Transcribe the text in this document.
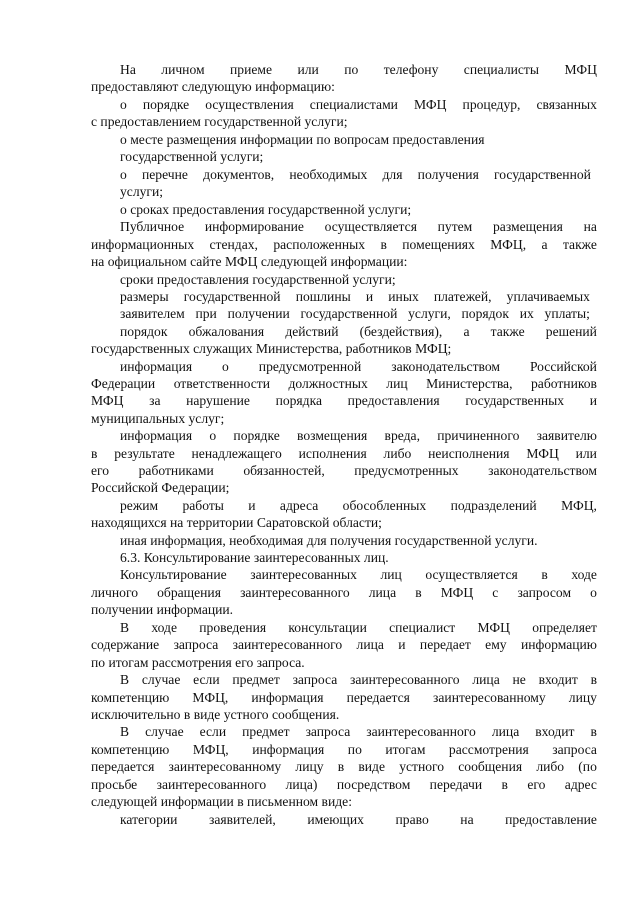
На личном приеме или по телефону специалисты МФЦ
предоставляют следующую информацию:
о порядке осуществления специалистами МФЦ процедур, связанных
с предоставлением государственной услуги;
о месте размещения информации по вопросам предоставления
государственной услуги;
о перечне документов, необходимых для получения государственной
услуги;
о сроках предоставления государственной услуги;
Публичное информирование осуществляется путем размещения на
информационных стендах, расположенных в помещениях МФЦ, а также
на официальном сайте МФЦ следующей информации:
сроки предоставления государственной услуги;
размеры государственной пошлины и иных платежей, уплачиваемых
заявителем при получении государственной услуги, порядок их уплаты;
порядок обжалования действий (бездействия), а также решений
государственных служащих Министерства, работников МФЦ;
информация о предусмотренной законодательством Российской
Федерации ответственности должностных лиц Министерства, работников
МФЦ за нарушение порядка предоставления государственных и
муниципальных услуг;
информация о порядке возмещения вреда, причиненного заявителю
в результате ненадлежащего исполнения либо неисполнения МФЦ или
его работниками обязанностей, предусмотренных законодательством
Российской Федерации;
режим работы и адреса обособленных подразделений МФЦ,
находящихся на территории Саратовской области;
иная информация, необходимая для получения государственной услуги.
6.3. Консультирование заинтересованных лиц.
Консультирование заинтересованных лиц осуществляется в ходе
личного обращения заинтересованного лица в МФЦ с запросом о
получении информации.
В ходе проведения консультации специалист МФЦ определяет
содержание запроса заинтересованного лица и передает ему информацию
по итогам рассмотрения его запроса.
В случае если предмет запроса заинтересованного лица не входит в
компетенцию МФЦ, информация передается заинтересованному лицу
исключительно в виде устного сообщения.
В случае если предмет запроса заинтересованного лица входит в
компетенцию МФЦ, информация по итогам рассмотрения запроса
передается заинтересованному лицу в виде устного сообщения либо (по
просьбе заинтересованного лица) посредством передачи в его адрес
следующей информации в письменном виде:
категории заявителей, имеющих право на предоставление
